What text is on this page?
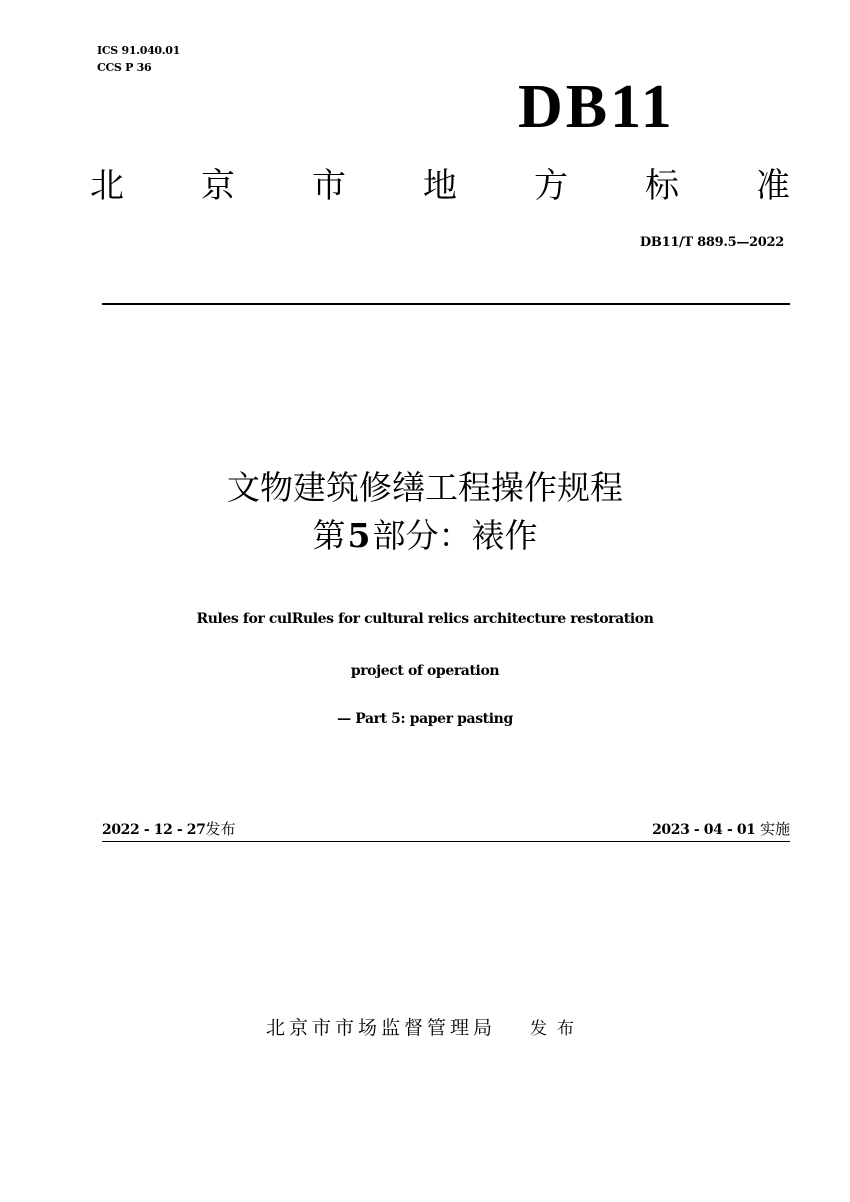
ICS 91.040.01
CCS P 36
DB11
北 京 市 地 方 标 准
DB11/T 889.5—2022
文物建筑修缮工程操作规程
第5部分：裱作
Rules for culRules for cultural relics architecture restoration
project of operation
— Part 5: paper pasting
2022 - 12 - 27发布	2023 - 04 - 01 实施
北京市市场监督管理局 发布
